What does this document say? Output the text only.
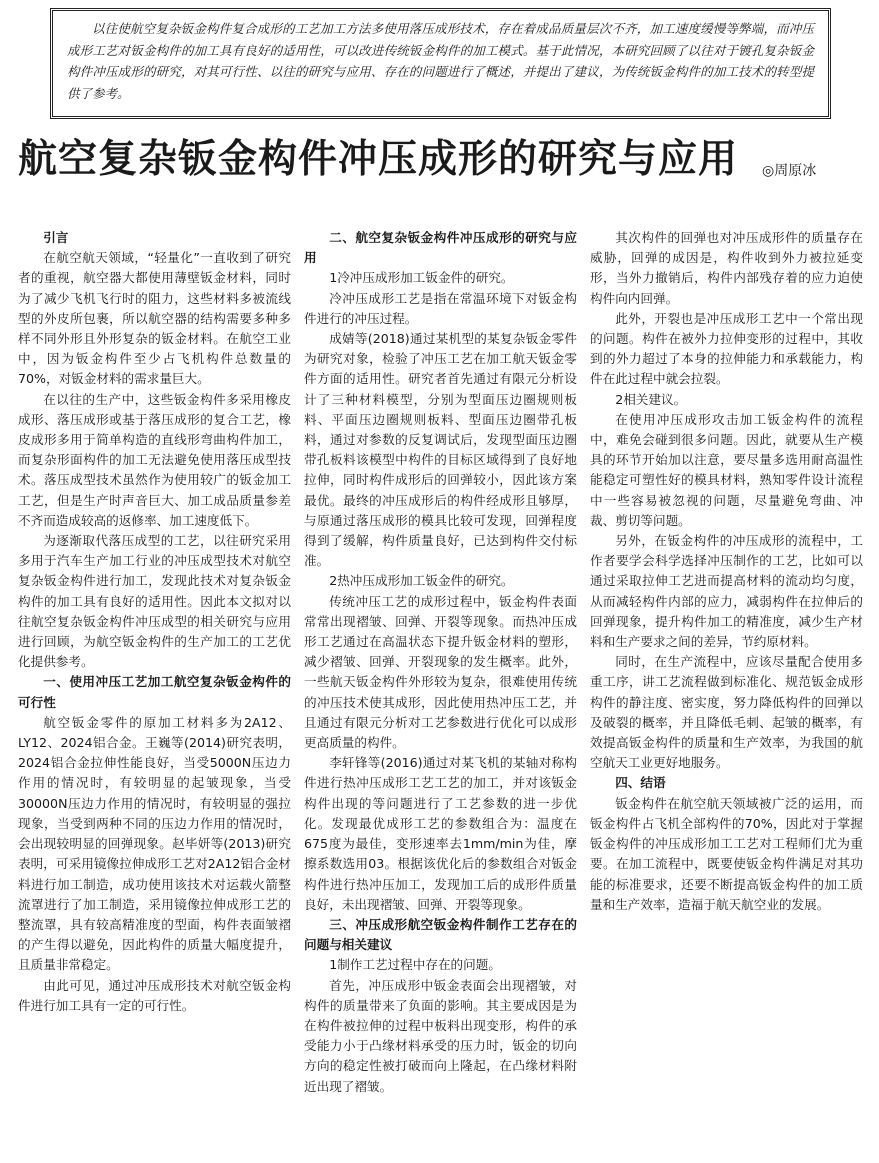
以往使航空复杂钣金构件复合成形的工艺加工方法多使用落压成形技术，存在着成品质量层次不齐，加工速度缓慢等弊端，而冲压成形工艺对钣金构件的加工具有良好的适用性，可以改进传统钣金构件的加工模式。基于此情况，本研究回顾了以往对于镀孔复杂钣金构件冲压成形的研究，对其可行性、以往的研究与应用、存在的问题进行了概述，并提出了建议，为传统钣金构件的加工技术的转型提供了参考。

航空复杂钣金构件冲压成形的研究与应用 ◎周原冰
引言

在航空航天领域，“轻量化”一直收到了研究者的重视，航空器大都使用薄壁钣金材料，同时为了减少飞机飞行时的阻力，这些材料多被流线型的外皮所包裹，所以航空器的结构需要多种多样不同外形且外形复杂的钣金材料。在航空工业中，因为钣金构件至少占飞机构件总数量的70%，对钣金材料的需求量巨大。

在以往的生产中，这些钣金构件多采用橡皮成形、落压成形或基于落压成形的复合工艺，橡皮成形多用于简单构造的直线形弯曲构件加工，而复杂形面构件的加工无法避免使用落压成型技术。落压成型技术虽然作为使用较广的钣金加工工艺，但是生产时声音巨大、加工成品质量参差不齐而造成较高的返修率、加工速度低下。

为逐渐取代落压成型的工艺，以往研究采用多用于汽车生产加工行业的冲压成型技术对航空复杂钣金构件进行加工，发现此技术对复杂钣金构件的加工具有良好的适用性。因此本文拟对以往航空复杂钣金构件冲压成型的相关研究与应用进行回顾，为航空钣金构件的生产加工的工艺优化提供参考。

一、使用冲压工艺加工航空复杂钣金构件的可行性

航空钣金零件的原加工材料多为2A12、LY12、2024铝合金。王巍等(2014)研究表明，2024铝合金拉伸性能良好，当受5000N压边力作用的情况时，有较明显的起皱现象，当受30000N压边力作用的情况时，有较明显的强拉现象，当受到两种不同的压边力作用的情况时，会出现较明显的回弹现象。赵毕妍等(2013)研究表明，可采用镜像拉伸成形工艺对2A12铝合金材料进行加工制造，成功使用该技术对运载火箭整流罩进行了加工制造，采用镜像拉伸成形工艺的整流罩，具有较高精准度的型面，构件表面皱褶的产生得以避免，因此构件的质量大幅度提升，且质量非常稳定。

由此可见，通过冲压成形技术对航空钣金构件进行加工具有一定的可行性。

二、航空复杂钣金构件冲压成形的研究与应用

1冷冲压成形加工钣金件的研究。

冷冲压成形工艺是指在常温环境下对钣金构件进行的冲压过程。

成婧等(2018)通过某机型的某复杂钣金零件为研究对象，检验了冲压工艺在加工航天钣金零件方面的适用性。研究者首先通过有限元分析设计了三种材料模型，分别为型面压边圈规则板料、平面压边圈规则板料、型面压边圈带孔板料，通过对参数的反复调试后，发现型面压边圈带孔板料该模型中构件的目标区域得到了良好地拉伸，同时构件成形后的回弹较小，因此该方案最优。最终的冲压成形后的构件经成形且够厚，与原通过落压成形的模具比较可发现，回弹程度得到了缓解，构件质量良好，已达到构件交付标准。

2热冲压成形加工钣金件的研究。

传统冲压工艺的成形过程中，钣金构件表面常常出现褶皱、回弹、开裂等现象。而热冲压成形工艺通过在高温状态下提升钣金材料的塑形，减少褶皱、回弹、开裂现象的发生概率。此外，一些航天钣金构件外形较为复杂，很难使用传统的冲压技术使其成形，因此使用热冲压工艺，并且通过有限元分析对工艺参数进行优化可以成形更高质量的构件。

李轩锋等(2016)通过对某飞机的某轴对称构件进行热冲压成形工艺工艺的加工，并对该钣金构件出现的等问题进行了工艺参数的进一步优化。发现最优成形工艺的参数组合为：温度在675度为最佳，变形速率去1mm/min为佳，摩擦系数选用03。根据该优化后的参数组合对钣金构件进行热冲压加工，发现加工后的成形件质量良好，未出现褶皱、回弹、开裂等现象。

三、冲压成形航空钣金构件制作工艺存在的问题与相关建议

1制作工艺过程中存在的问题。

首先，冲压成形中钣金表面会出现褶皱，对构件的质量带来了负面的影响。其主要成因是为在构件被拉伸的过程中板料出现变形，构件的承受能力小于凸缘材料承受的压力时，钣金的切向方向的稳定性被打破而向上隆起，在凸缘材料附近出现了褶皱。

其次构件的回弹也对冲压成形件的质量存在威胁，回弹的成因是，构件收到外力被拉延变形，当外力撤销后，构件内部残存着的应力迫使构件向内回弹。

此外，开裂也是冲压成形工艺中一个常出现的问题。构件在被外力拉伸变形的过程中，其收到的外力超过了本身的拉伸能力和承载能力，构件在此过程中就会拉裂。

2相关建议。

在使用冲压成形攻击加工钣金构件的流程中，难免会碰到很多问题。因此，就要从生产模具的环节开始加以注意，要尽量多选用耐高温性能稳定可塑性好的模具材料，熟知零件设计流程中一些容易被忽视的问题，尽量避免弯曲、冲裁、剪切等问题。

另外，在钣金构件的冲压成形的流程中，工作者要学会科学选择冲压制作的工艺，比如可以通过采取拉伸工艺进而提高材料的流动均匀度，从而减轻构件内部的应力，减弱构件在拉伸后的回弹现象，提升构件加工的精准度，减少生产材料和生产要求之间的差异，节约原材料。

同时，在生产流程中，应该尽量配合使用多重工序，讲工艺流程做到标准化、规范钣金成形构件的静注度、密实度，努力降低构件的回弹以及破裂的概率，并且降低毛刺、起皱的概率，有效提高钣金构件的质量和生产效率，为我国的航空航天工业更好地服务。

四、结语

钣金构件在航空航天领域被广泛的运用，而钣金构件占飞机全部构件的70%，因此对于掌握钣金构件的冲压成形加工工艺对工程师们尤为重要。在加工流程中，既要使钣金构件满足对其功能的标准要求，还要不断提高钣金构件的加工质量和生产效率，造福于航天航空业的发展。
